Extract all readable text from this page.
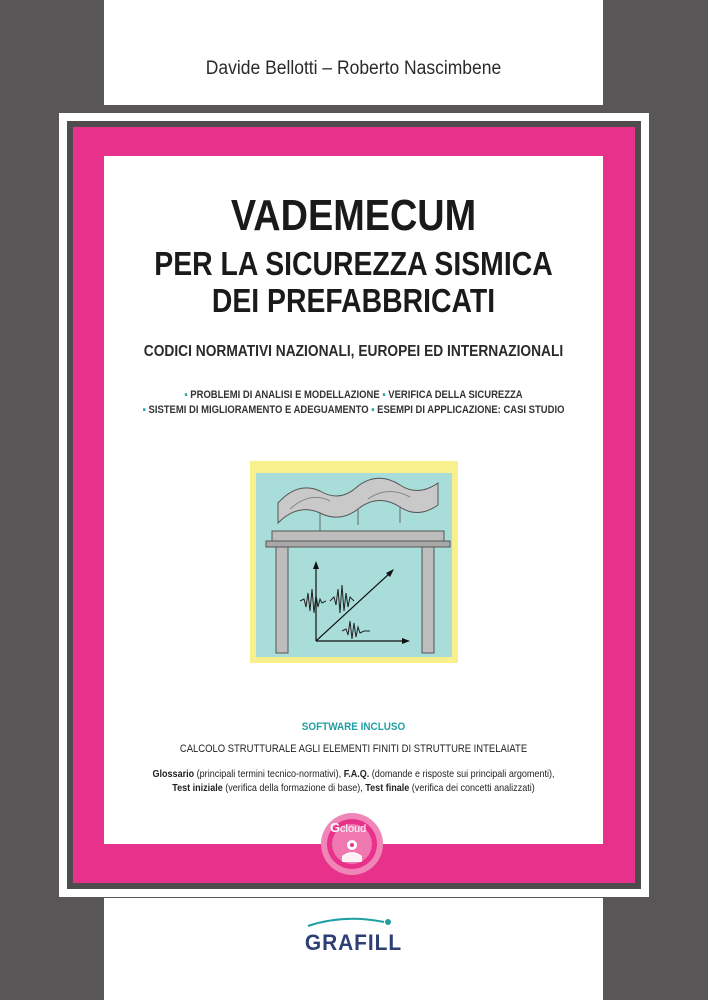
Davide Bellotti – Roberto Nascimbene
VADEMECUM
PER LA SICUREZZA SISMICA
DEI PREFABBRICATI
CODICI NORMATIVI NAZIONALI, EUROPEI ED INTERNAZIONALI
▪ PROBLEMI DI ANALISI E MODELLAZIONE ▪ VERIFICA DELLA SICUREZZA
▪ SISTEMI DI MIGLIORAMENTO E ADEGUAMENTO ▪ ESEMPI DI APPLICAZIONE: CASI STUDIO
SOFTWARE INCLUSO
CALCOLO STRUTTURALE AGLI ELEMENTI FINITI DI STRUTTURE INTELAIATE
Glossario (principali termini tecnico-normativi), F.A.Q. (domande e risposte sui principali argomenti),
Test iniziale (verifica della formazione di base), Test finale (verifica dei concetti analizzati)
G cloud
GRAFILL
